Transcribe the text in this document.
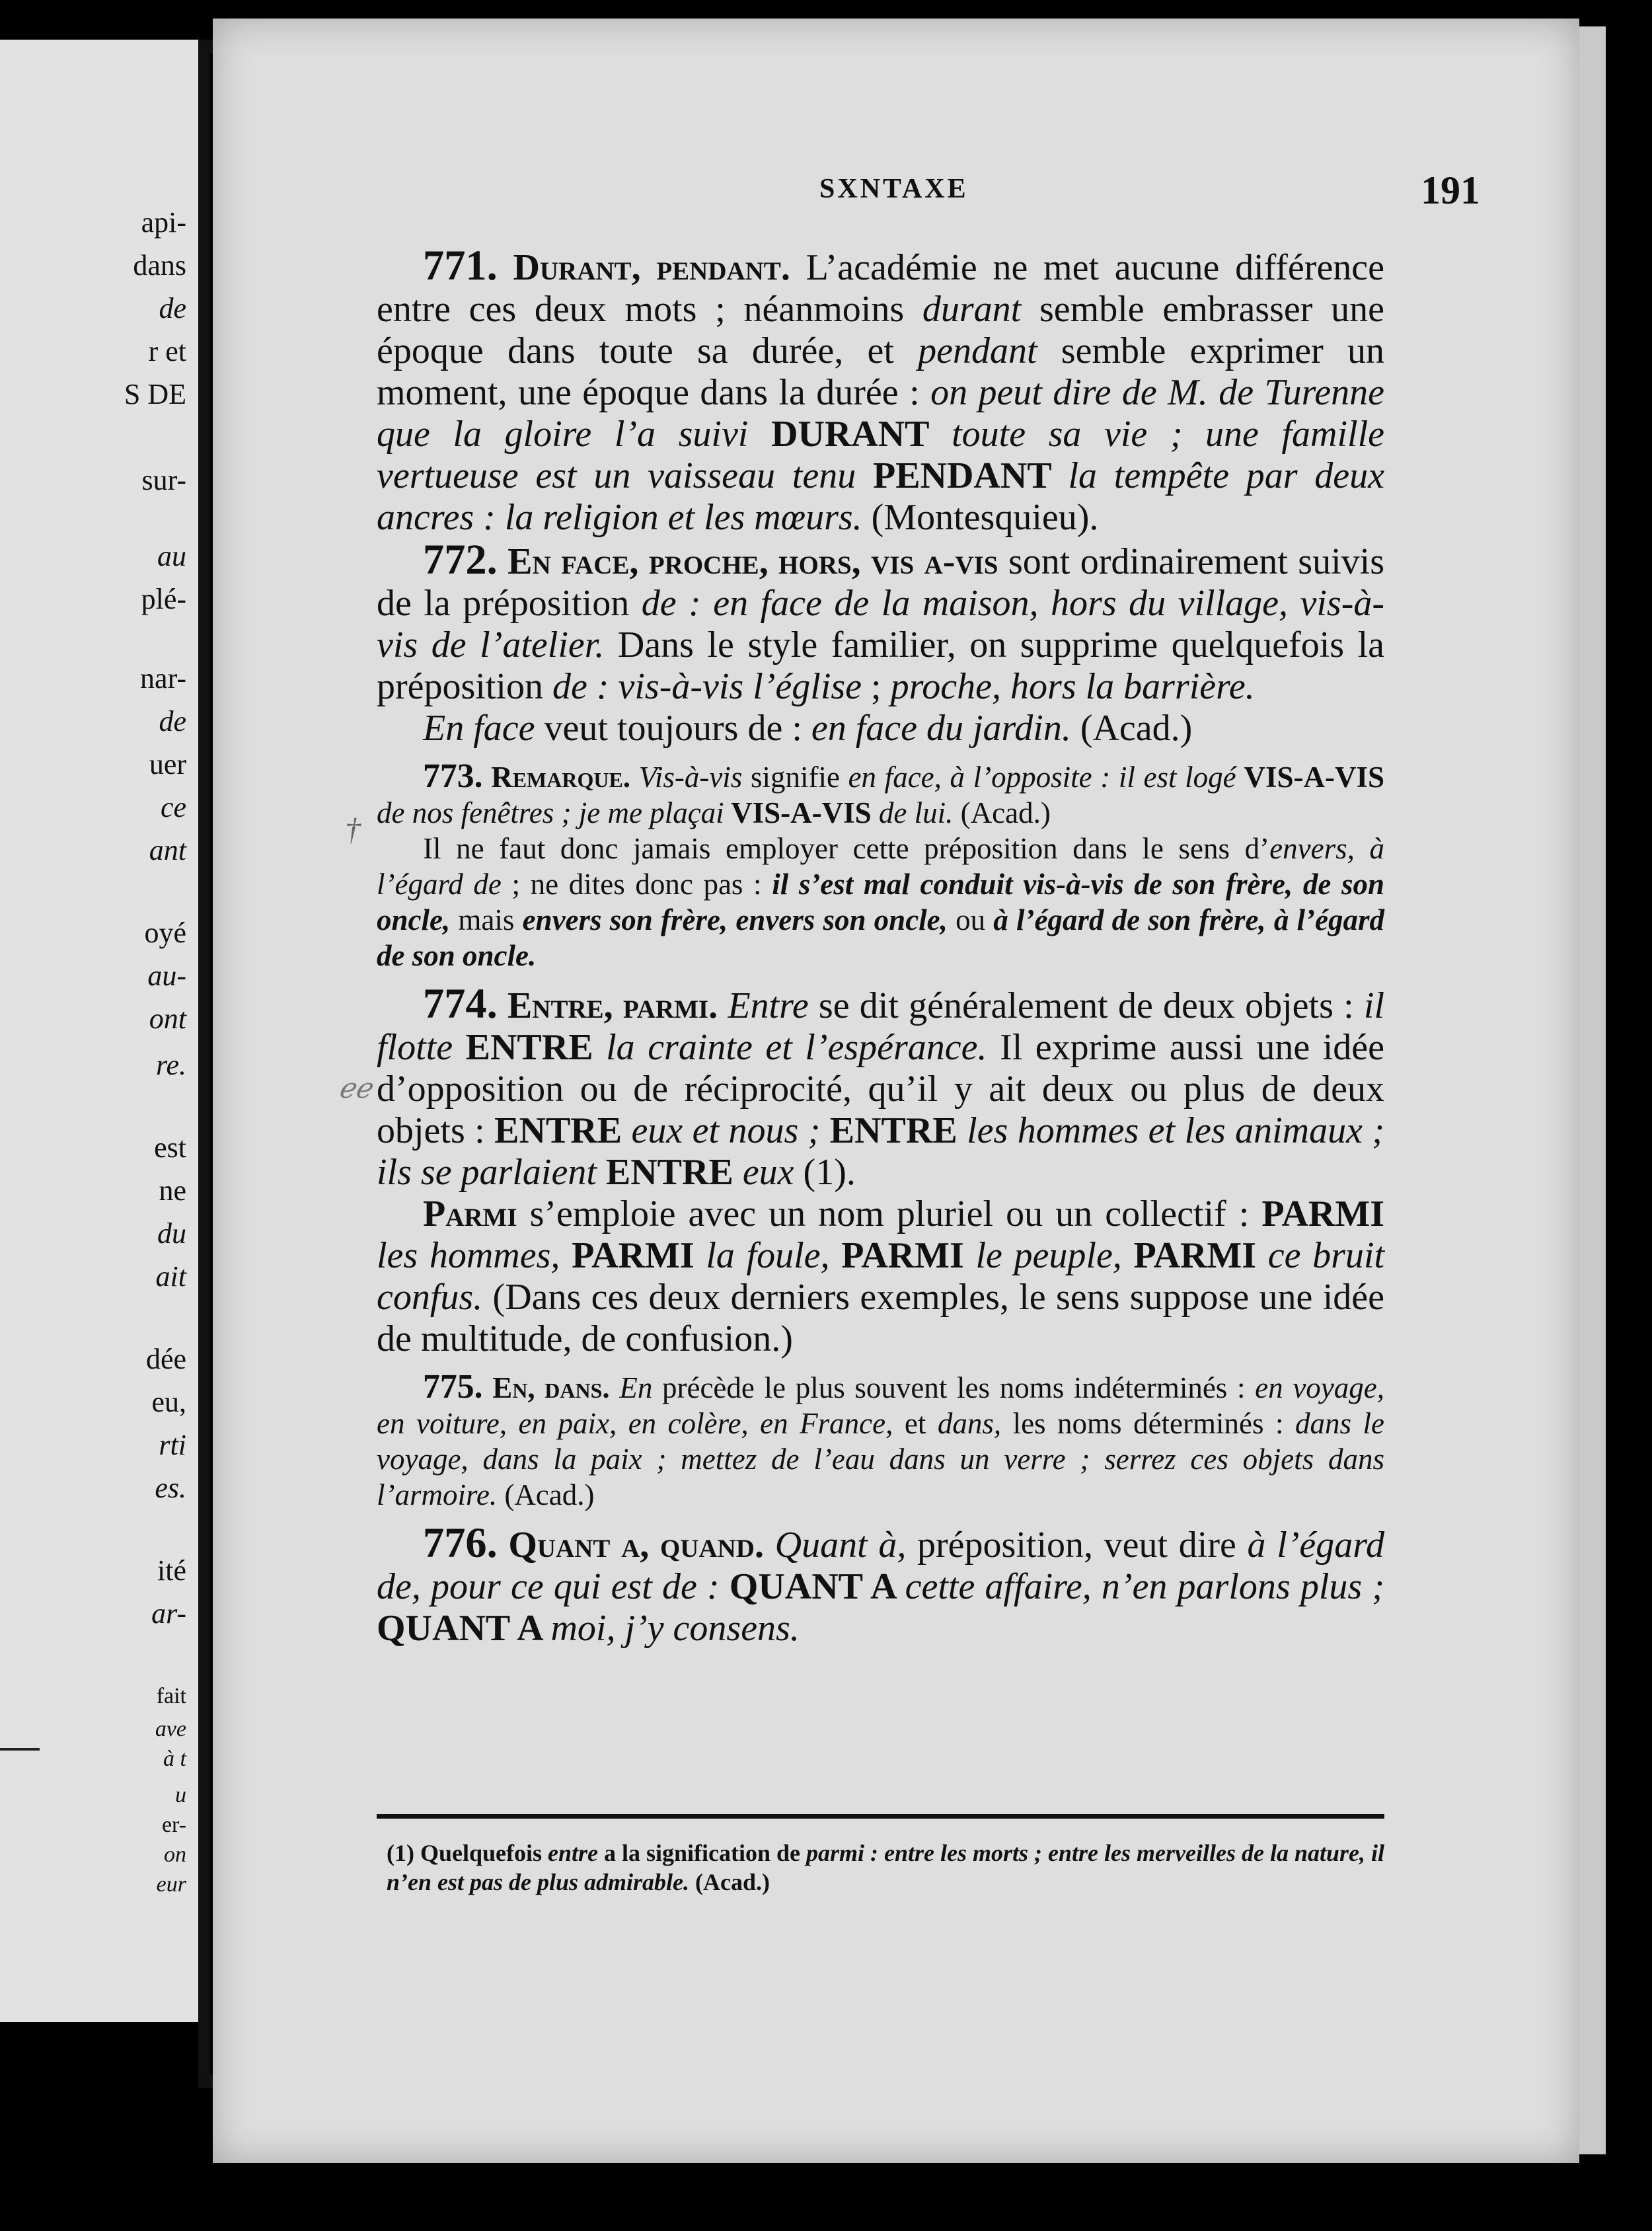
api-
dans
de
r et
S DE
sur-
au
plé-
nar-
de
uer
ce
ant
oyé
au-
ont
re.
est
ne
du
ait
dée
eu,
rti
es.
ité
ar-
fait
ave
à t
u
er-
on
eur
SXNTAXE	191
†
ℯℯ

771. Durant, pendant. L’académie ne met aucune différence entre ces deux mots ; néanmoins durant semble embrasser une époque dans toute sa durée, et pendant semble exprimer un moment, une époque dans la durée : on peut dire de M. de Turenne que la gloire l’a suivi DURANT toute sa vie ; une famille vertueuse est un vaisseau tenu PENDANT la tempête par deux ancres : la religion et les mœurs. (Montesquieu).

772. En face, proche, hors, vis a-vis sont ordinairement suivis de la préposition de : en face de la maison, hors du village, vis-à-vis de l’atelier. Dans le style familier, on supprime quelquefois la préposition de : vis-à-vis l’église ; proche, hors la barrière.

En face veut toujours de : en face du jardin. (Acad.)

773. Remarque. Vis-à-vis signifie en face, à l’opposite : il est logé VIS-A-VIS de nos fenêtres ; je me plaçai VIS-A-VIS de lui. (Acad.)

Il ne faut donc jamais employer cette préposition dans le sens d’envers, à l’égard de ; ne dites donc pas : il s’est mal conduit vis-à-vis de son frère, de son oncle, mais envers son frère, envers son oncle, ou à l’égard de son frère, à l’égard de son oncle.

774. Entre, parmi. Entre se dit généralement de deux objets : il flotte ENTRE la crainte et l’espérance. Il exprime aussi une idée d’opposition ou de réciprocité, qu’il y ait deux ou plus de deux objets : ENTRE eux et nous ; ENTRE les hommes et les animaux ; ils se parlaient ENTRE eux (1).

Parmi s’emploie avec un nom pluriel ou un collectif : PARMI les hommes, PARMI la foule, PARMI le peuple, PARMI ce bruit confus. (Dans ces deux derniers exemples, le sens suppose une idée de multitude, de confusion.)

775. En, dans. En précède le plus souvent les noms indéterminés : en voyage, en voiture, en paix, en colère, en France, et dans, les noms déterminés : dans le voyage, dans la paix ; mettez de l’eau dans un verre ; serrez ces objets dans l’armoire. (Acad.)

776. Quant a, quand. Quant à, préposition, veut dire à l’égard de, pour ce qui est de : QUANT A cette affaire, n’en parlons plus ; QUANT A moi, j’y consens.

(1) Quelquefois entre a la signification de parmi : entre les morts ; entre les merveilles de la nature, il n’en est pas de plus admirable. (Acad.)
